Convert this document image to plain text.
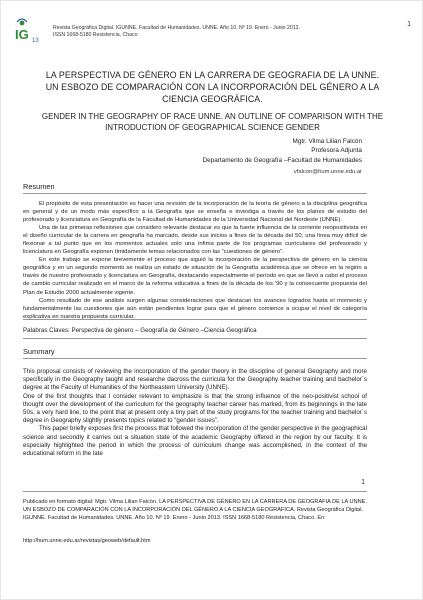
IG 13
Revista Geográfica Digital. IGUNNE. Facultad de Humanidades. UNNE. Año 10. Nº 19. Enero - Junio 2013.
ISSN 1668-5180 Resistencia, Chaco
1
LA PERSPECTIVA DE GÉNERO EN LA CARRERA DE GEOGRAFIA DE LA UNNE. UN ESBOZO DE COMPARACIÓN CON LA INCORPORACIÓN DEL GÉNERO A LA CIENCIA GEOGRÁFICA.
GENDER IN THE GEOGRAPHY OF RACE UNNE. AN OUTLINE OF COMPARISON WITH THE INTRODUCTION OF GEOGRAPHICAL SCIENCE GENDER
Mgtr. Vilma Lilian Falcón
Profesora Adjunta
Departamento de Geografía –Facultad de Humanidades
vfalcon@hum.unne.edu.ar
Resumen

El propósito de esta presentación es hacer una revisión de la incorporación de la teoría de género a la disciplina geográfica en general y de un modo más específico a la Geografía que se enseña e investiga a través de los planes de estudio del profesorado y licenciatura en Geografía de la Facultad de Humanidades de la Universidad Nacional del Nordeste (UNNE).

Una de las primeras reflexiones que considero relevante destacar es que la fuerte influencia de la corriente neopositivista en el diseño curricular de la carrera en geografía ha marcado, desde sus inicios a fines de la década del 50, una línea muy difícil de flexionar a tal punto que en los momentos actuales solo una ínfima parte de los programas curriculares del profesorado y licenciatura en Geografía exponen tímidamente temas relacionados con las “cuestiones de género”.

En este trabajo se expone brevemente el proceso que siguió la incorporación de la perspectiva de género en la ciencia geográfica y en un segundo momento se realiza un estado de situación de la Geografía académica que se ofrece en la región a través de nuestro profesorado y licenciatura en Geografía, destacando especialmente el período en que se llevó a cabo el proceso de cambio curricular realizado en el marco de la reforma educativa a fines de la década de los ’90 y la consecuente propuesta del Plan de Estudio 2000 actualmente vigente.

Como resultado de ese análisis surgen algunas consideraciones que destacan los avances logrados hasta el momento y fundamentalmente las cuestiones que aún están pendientes lograr para que el género comience a ocupar el nivel de categoría explicativa en nuestra propuesta curricular.

Palabras Claves: Perspectiva de género – Geografía de Género –Ciencia Geográfica
Summary

This proposal consists of reviewing the incorporation of the gender theory in the discipline of general Geography and more specifically in the Geography taught and researche dacross the curricula for the Geography teacher training and bachelor´s degree at the Faculty of Humanities of the Northeastern University (UNNE).

One of the first thoughts that I consider relevant to emphasize is that the strong influence of the neo-positivist school of thought over the development of the curriculum for the geography teacher career has marked, from its beginnings in the late 50s, a very hard line, to the point that at present only a tiny part of the study programs for the teacher training and bachelor´s degree in Geography slightly presents topics related to “gender issues”.

This paper briefly exposes first the process that followed the incorporation of the gender perspective in the geographical science and secondly it carries out a situation state of the academic Geography offered in the region by our faculty. It is especially highlighted the period in which the process of curriculum change was accomplished, in the context of the educational reform in the late

1
Publicado en formato digital: Mgtr. Vilma Lilian Falcón. LA PERSPECTIVA DE GÉNERO EN LA CARRERA DE GEOGRAFIA DE LA UNNE. UN ESBOZO DE COMPARACIÓN CON LA INCORPORACIÓN DEL GÉNERO A LA CIENCIA GEOGRAFICA. Revista Geográfica Digital. IGUNNE. Facultad de Humanidades. UNNE. Año 10. Nº 19. Enero - Junio 2013. ISSN 1668-5180 Resistencia, Chaco. En:
http://hum.unne.edu.ar/revistas/geoweb/default.htm
